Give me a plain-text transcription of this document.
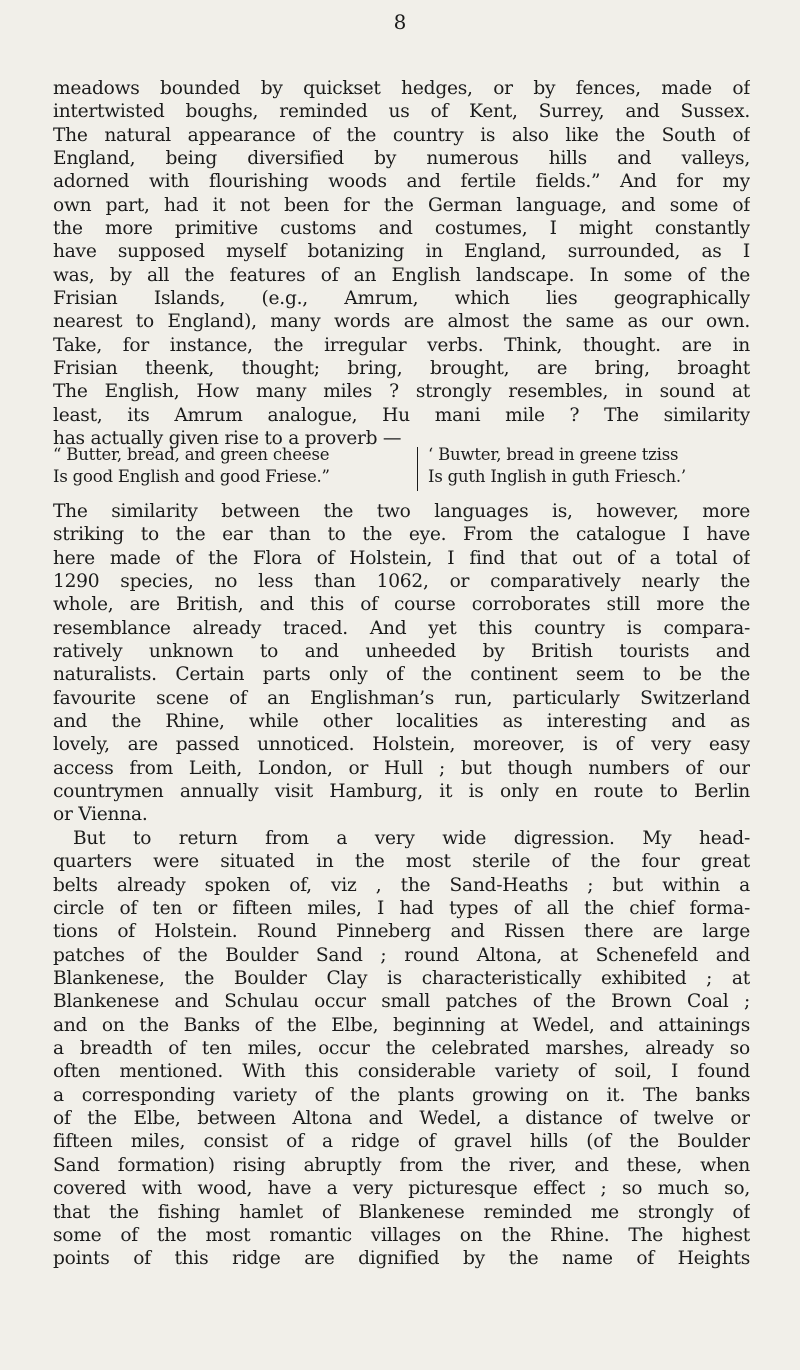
8
meadows bounded by quickset hedges, or by fences, made of
intertwisted boughs, reminded us of Kent, Surrey, and Sussex.
The natural appearance of the country is also like the South of
England, being diversified by numerous hills and valleys,
adorned with flourishing woods and fertile fields.” And for my
own part, had it not been for the German language, and some of
the more primitive customs and costumes, I might constantly
have supposed myself botanizing in England, surrounded, as I
was, by all the features of an English landscape. In some of the
Frisian Islands, (e.g., Amrum, which lies geographically
nearest to England), many words are almost the same as our own.
Take, for instance, the irregular verbs. Think, thought. are in
Frisian theenk, thought; bring, brought, are bring, broaght
The English, How many miles ? strongly resembles, in sound at
least, its Amrum analogue, Hu mani mile ? The similarity
has actually given rise to a proverb —
“ Butter, bread, and green cheese
Is good English and good Friese.”
‘ Buwter, bread in greene tziss
Is guth Inglish in guth Friesch.’
The similarity between the two languages is, however, more
striking to the ear than to the eye. From the catalogue I have
here made of the Flora of Holstein, I find that out of a total of
1290 species, no less than 1062, or comparatively nearly the
whole, are British, and this of course corroborates still more the
resemblance already traced. And yet this country is compara-
ratively unknown to and unheeded by British tourists and
naturalists. Certain parts only of the continent seem to be the
favourite scene of an Englishman’s run, particularly Switzerland
and the Rhine, while other localities as interesting and as
lovely, are passed unnoticed. Holstein, moreover, is of very easy
access from Leith, London, or Hull ; but though numbers of our
countrymen annually visit Hamburg, it is only en route to Berlin
or Vienna.
But to return from a very wide digression. My head-
quarters were situated in the most sterile of the four great
belts already spoken of, viz , the Sand-Heaths ; but within a
circle of ten or fifteen miles, I had types of all the chief forma-
tions of Holstein. Round Pinneberg and Rissen there are large
patches of the Boulder Sand ; round Altona, at Schenefeld and
Blankenese, the Boulder Clay is characteristically exhibited ; at
Blankenese and Schulau occur small patches of the Brown Coal ;
and on the Banks of the Elbe, beginning at Wedel, and attainings
a breadth of ten miles, occur the celebrated marshes, already so
often mentioned. With this considerable variety of soil, I found
a corresponding variety of the plants growing on it. The banks
of the Elbe, between Altona and Wedel, a distance of twelve or
fifteen miles, consist of a ridge of gravel hills (of the Boulder
Sand formation) rising abruptly from the river, and these, when
covered with wood, have a very picturesque effect ; so much so,
that the fishing hamlet of Blankenese reminded me strongly of
some of the most romantic villages on the Rhine. The highest
points of this ridge are dignified by the name of Heights
